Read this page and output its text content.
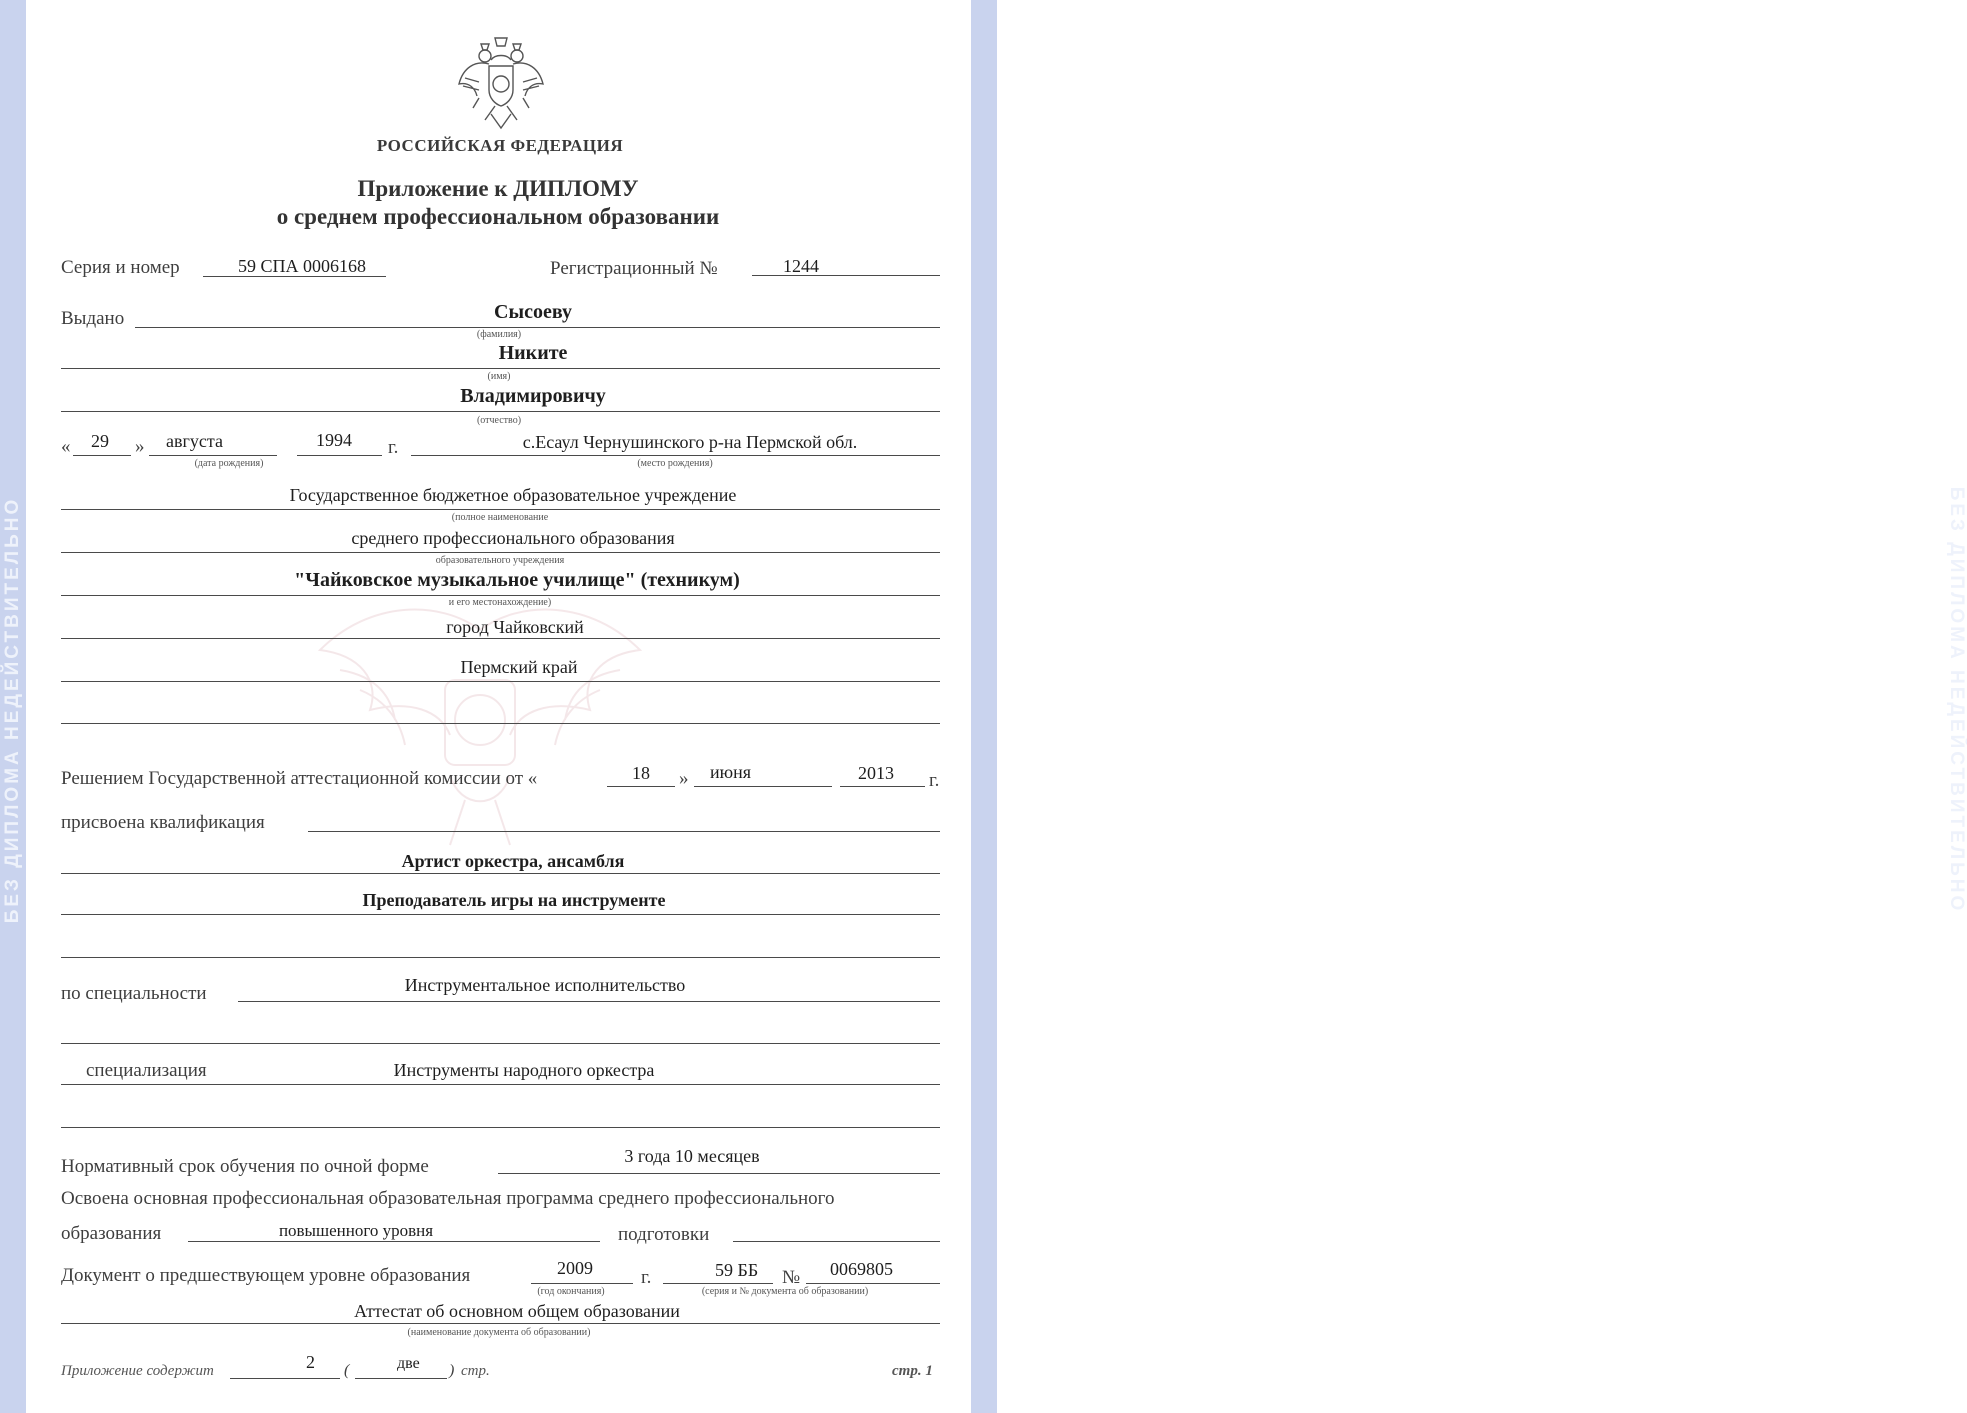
БЕЗ ДИПЛОМА НЕДЕЙСТВИТЕЛЬНО	БЕЗ ДИПЛОМА НЕДЕЙСТВИТЕЛЬНО
РОССИЙСКАЯ ФЕДЕРАЦИЯ
Приложение к ДИПЛОМУ
о среднем профессиональном образовании
Серия и номер	59 СПА 0006168	Регистрационный №	1244
Выдано	Сысоеву
(фамилия)
Никите
(имя)
Владимировичу
(отчество)
« 29 » августа	1994 г.
(дата рождения)
с.Есаул Чернушинского р-на Пермской обл.
(место рождения)
Государственное бюджетное образовательное учреждение
(полное наименование
среднего профессионального образования
образовательного учреждения
"Чайковское музыкальное училище" (техникум)
и его местонахождение)
город Чайковский
Пермский край
Решением Государственной аттестационной комиссии от «	18 » июня	2013 г.
присвоена квалификация
Артист оркестра, ансамбля
Преподаватель игры на инструменте
по специальности	Инструментальное исполнительство
специализация	Инструменты народного оркестра
Нормативный срок обучения по очной форме	3 года 10 месяцев
Освоена основная профессиональная образовательная программа среднего профессионального
образования	повышенного уровня	подготовки
Документ о предшествующем уровне образования	2009
(год окончания)
г.	59 ББ № 0069805
(серия и № документа об образовании)
Аттестат об основном общем образовании
(наименование документа об образовании)
Приложение содержит	2 (	две ) стр.	стр. 1
